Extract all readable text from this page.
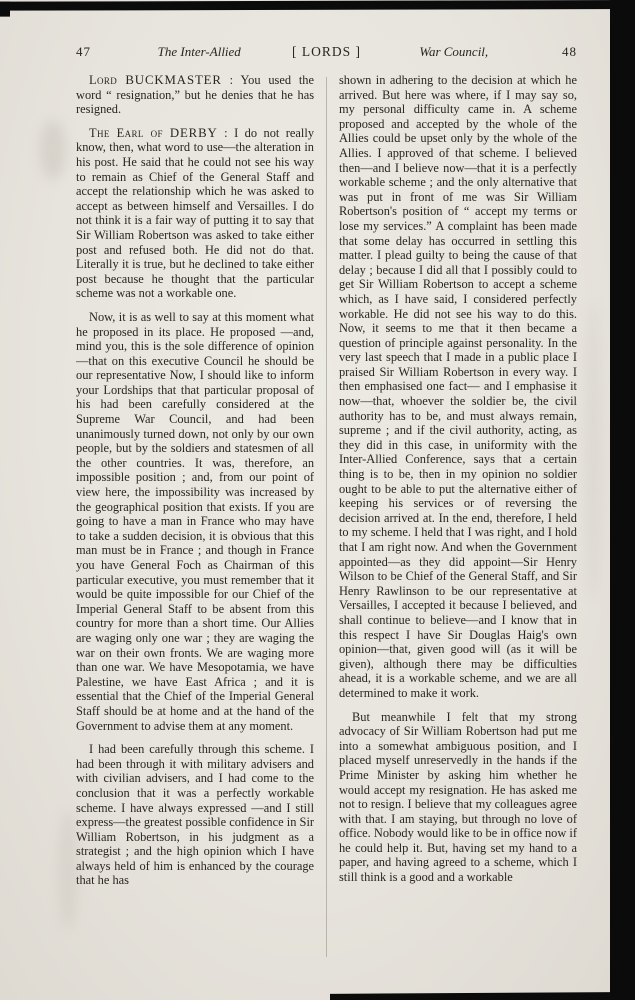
47	The Inter-Allied	[ LORDS ]	War Council,	48

Lord BUCKMASTER : You used the word “ resignation,” but he denies that he has resigned.

The Earl of DERBY : I do not really know, then, what word to use—the alteration in his post. He said that he could not see his way to remain as Chief of the General Staff and accept the relationship which he was asked to accept as between himself and Versailles. I do not think it is a fair way of putting it to say that Sir William Robertson was asked to take either post and refused both. He did not do that. Literally it is true, but he declined to take either post because he thought that the particular scheme was not a workable one.

Now, it is as well to say at this moment what he proposed in its place. He proposed —and, mind you, this is the sole difference of opinion—that on this executive Council he should be our representative Now, I should like to inform your Lordships that that particular proposal of his had been carefully considered at the Supreme War Council, and had been unanimously turned down, not only by our own people, but by the soldiers and statesmen of all the other countries. It was, therefore, an impossible position ; and, from our point of view here, the impossibility was increased by the geographical position that exists. If you are going to have a man in France who may have to take a sudden decision, it is obvious that this man must be in France ; and though in France you have General Foch as Chairman of this particular executive, you must remember that it would be quite impossible for our Chief of the Imperial General Staff to be absent from this country for more than a short time. Our Allies are waging only one war ; they are waging the war on their own fronts. We are waging more than one war. We have Mesopotamia, we have Palestine, we have East Africa ; and it is essential that the Chief of the Imperial General Staff should be at home and at the hand of the Government to advise them at any moment.

I had been carefully through this scheme. I had been through it with military advisers and with civilian advisers, and I had come to the conclusion that it was a perfectly workable scheme. I have always expressed —and I still express—the greatest possible confidence in Sir William Robertson, in his judgment as a strategist ; and the high opinion which I have always held of him is enhanced by the courage that he has

shown in adhering to the decision at which he arrived. But here was where, if I may say so, my personal difficulty came in. A scheme proposed and accepted by the whole of the Allies could be upset only by the whole of the Allies. I approved of that scheme. I believed then—and I believe now—that it is a perfectly workable scheme ; and the only alternative that was put in front of me was Sir William Robertson's position of “ accept my terms or lose my services.” A complaint has been made that some delay has occurred in settling this matter. I plead guilty to being the cause of that delay ; because I did all that I possibly could to get Sir William Robertson to accept a scheme which, as I have said, I considered perfectly workable. He did not see his way to do this. Now, it seems to me that it then became a question of principle against personality. In the very last speech that I made in a public place I praised Sir William Robertson in every way. I then emphasised one fact— and I emphasise it now—that, whoever the soldier be, the civil authority has to be, and must always remain, supreme ; and if the civil authority, acting, as they did in this case, in uniformity with the Inter-Allied Conference, says that a certain thing is to be, then in my opinion no soldier ought to be able to put the alternative either of keeping his services or of reversing the decision arrived at. In the end, therefore, I held to my scheme. I held that I was right, and I hold that I am right now. And when the Government appointed—as they did appoint—Sir Henry Wilson to be Chief of the General Staff, and Sir Henry Rawlinson to be our representative at Versailles, I accepted it because I believed, and shall continue to believe—and I know that in this respect I have Sir Douglas Haig's own opinion—that, given good will (as it will be given), although there may be difficulties ahead, it is a workable scheme, and we are all determined to make it work.

But meanwhile I felt that my strong advocacy of Sir William Robertson had put me into a somewhat ambiguous position, and I placed myself unreservedly in the hands if the Prime Minister by asking him whether he would accept my resignation. He has asked me not to resign. I believe that my colleagues agree with that. I am staying, but through no love of office. Nobody would like to be in office now if he could help it. But, having set my hand to a paper, and having agreed to a scheme, which I still think is a good and a workable
